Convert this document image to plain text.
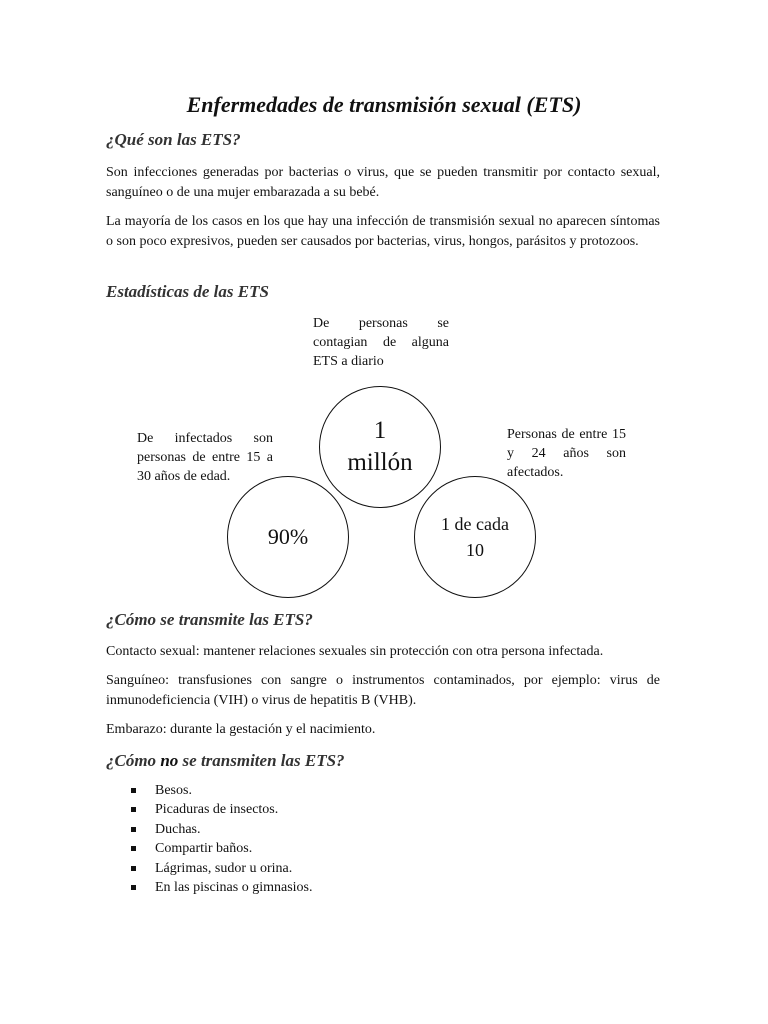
Enfermedades de transmisión sexual (ETS)
¿Qué son las ETS?

Son infecciones generadas por bacterias o virus, que se pueden transmitir por contacto sexual, sanguíneo o de una mujer embarazada a su bebé.

La mayoría de los casos en los que hay una infección de transmisión sexual no aparecen síntomas o son poco expresivos, pueden ser causados por bacterias, virus, hongos, parásitos y protozoos.

Estadísticas de las ETS

De personas se contagian de alguna ETS a diario

1 millón

De infectados son personas de entre 15 a 30 años de edad.

90%

Personas de entre 15 y 24 años son afectados.

1 de cada 10
¿Cómo se transmite las ETS?

Contacto sexual: mantener relaciones sexuales sin protección con otra persona infectada.

Sanguíneo: transfusiones con sangre o instrumentos contaminados, por ejemplo: virus de inmunodeficiencia (VIH) o virus de hepatitis B (VHB).

Embarazo: durante la gestación y el nacimiento.

¿Cómo no se transmiten las ETS?
Besos.
Picaduras de insectos.
Duchas.
Compartir baños.
Lágrimas, sudor u orina.
En las piscinas o gimnasios.
